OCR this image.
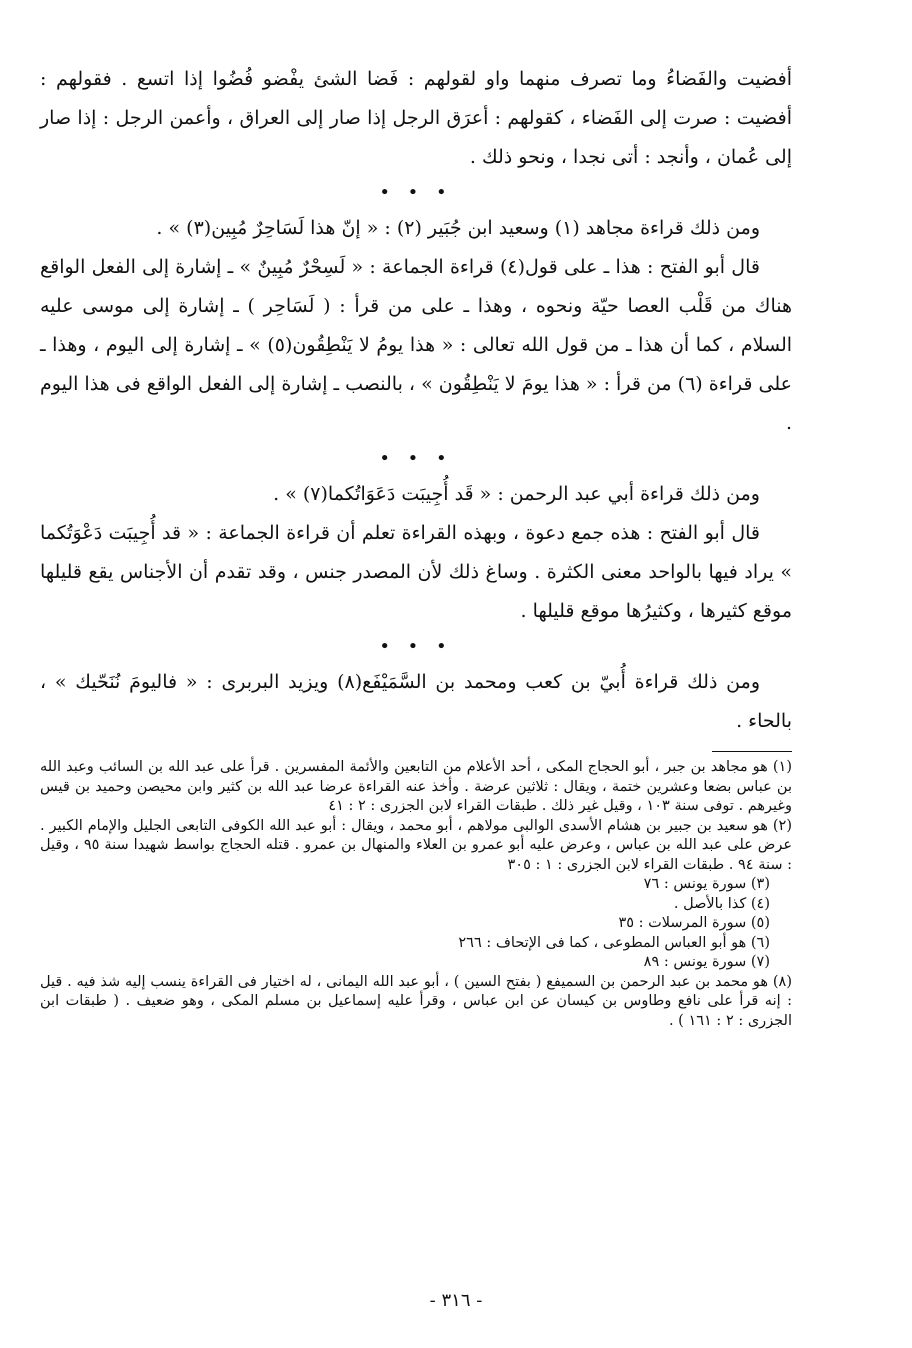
أفضيت والفَضاءُ وما تصرف منهما واو لقولهم : فَضا الشئ يفْضو فُضُوا إذا اتسع . فقولهم : أفضيت : صرت إلى الفَضاء ، كقولهم : أعرَق الرجل إذا صار إلى العراق ، وأعمن الرجل : إذا صار إلى عُمان ، وأنجد : أتى نجدا ، ونحو ذلك .

• • •

ومن ذلك قراءة مجاهد (١) وسعيد ابن جُبَير (٢) : « إنّ هذا لَسَاحِرٌ مُبِين(٣) » .

قال أبو الفتح : هذا ـ على قول(٤) قراءة الجماعة : « لَسِحْرٌ مُبِينٌ » ـ إشارة إلى الفعل الواقع هناك من قَلْب العصا حيّة ونحوه ، وهذا ـ على من قرأ : ( لَسَاحِر ) ـ إشارة إلى موسى عليه السلام ، كما أن هذا ـ من قول الله تعالى : « هذا يومُ لا يَنْطِقُون(٥) » ـ إشارة إلى اليوم ، وهذا ـ على قراءة (٦) من قرأ : « هذا يومَ لا يَنْطِقُون » ، بالنصب ـ إشارة إلى الفعل الواقع فى هذا اليوم .

• • •

ومن ذلك قراءة أبي عبد الرحمن : « قَد أُجِيبَت دَعَوَاتُكما(٧) » .

قال أبو الفتح : هذه جمع دعوة ، وبهذه القراءة تعلم أن قراءة الجماعة : « قد أُجِيبَت دَعْوَتُكما » يراد فيها بالواحد معنى الكثرة . وساغ ذلك لأن المصدر جنس ، وقد تقدم أن الأجناس يقع قليلها موقع كثيرها ، وكثيرُها موقع قليلها .

• • •

ومن ذلك قراءة أُبيّ بن كعب ومحمد بن السَّمَيْفَع(٨) ويزيد البربرى : « فاليومَ نُنَحّيك » ، بالحاء .

(١) هو مجاهد بن جبر ، أبو الحجاج المكى ، أحد الأعلام من التابعين والأئمة المفسرين . قرأ على عبد الله بن السائب وعبد الله بن عباس بضعا وعشرين ختمة ، ويقال : ثلاثين عرضة . وأخذ عنه القراءة عرضا عبد الله بن كثير وابن محيصن وحميد بن قيس وغيرهم . توفى سنة ١٠٣ ، وقيل غير ذلك . طبقات القراء لابن الجزرى : ٢ : ٤١

(٢) هو سعيد بن جبير بن هشام الأسدى الوالبى مولاهم ، أبو محمد ، ويقال : أبو عبد الله الكوفى التابعى الجليل والإمام الكبير . عرض على عبد الله بن عباس ، وعرض عليه أبو عمرو بن العلاء والمنهال بن عمرو . قتله الحجاج بواسط شهيدا سنة ٩٥ ، وقيل : سنة ٩٤ . طبقات القراء لابن الجزرى : ١ : ٣٠٥

(٣) سورة يونس : ٧٦

(٤) كذا بالأصل .

(٥) سورة المرسلات : ٣٥

(٦) هو أبو العباس المطوعى ، كما فى الإتحاف : ٢٦٦

(٧) سورة يونس : ٨٩

(٨) هو محمد بن عبد الرحمن بن السميفع ( بفتح السين ) ، أبو عبد الله اليمانى ، له اختيار فى القراءة ينسب إليه شذ فيه . قيل : إنه قرأ على نافع وطاوس بن كيسان عن ابن عباس ، وقرأ عليه إسماعيل بن مسلم المكى ، وهو ضعيف . ( طبقات ابن الجزرى : ٢ : ١٦١ ) .

- ٣١٦ -
